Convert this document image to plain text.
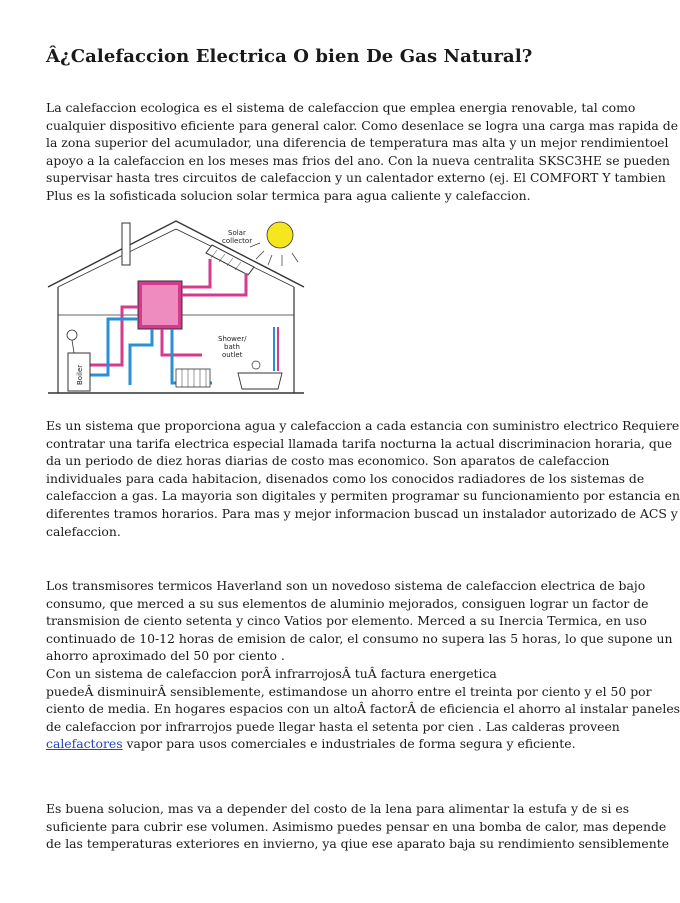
Â¿Calefaccion Electrica O bien De Gas Natural?

La calefaccion ecologica es el sistema de calefaccion que emplea energia renovable, tal como
cualquier dispositivo eficiente para general calor. Como desenlace se logra una carga mas rapida de
la zona superior del acumulador, una diferencia de temperatura mas alta y un mejor rendimientoel
apoyo a la calefaccion en los meses mas frios del ano. Con la nueva centralita SKSC3HE se pueden
supervisar hasta tres circuitos de calefaccion y un calentador externo (ej. El COMFORT Y tambien
Plus es la sofisticada solucion solar termica para agua caliente y calefaccion.

Solar
collector
Boiler
Shower/
bath
outlet

Es un sistema que proporciona agua y calefaccion a cada estancia con suministro electrico Requiere
contratar una tarifa electrica especial llamada tarifa nocturna la actual discriminacion horaria, que
da un periodo de diez horas diarias de costo mas economico. Son aparatos de calefaccion
individuales para cada habitacion, disenados como los conocidos radiadores de los sistemas de
calefaccion a gas. La mayoria son digitales y permiten programar su funcionamiento por estancia en
diferentes tramos horarios. Para mas y mejor informacion buscad un instalador autorizado de ACS y
calefaccion.

Los transmisores termicos Haverland son un novedoso sistema de calefaccion electrica de bajo
consumo, que merced a su sus elementos de aluminio mejorados, consiguen lograr un factor de
transmision de ciento setenta y cinco Vatios por elemento. Merced a su Inercia Termica, en uso
continuado de 10-12 horas de emision de calor, el consumo no supera las 5 horas, lo que supone un
ahorro aproximado del 50 por ciento .

Con un sistema de calefaccion porÂ infrarrojosÂ tuÂ factura energetica
puedeÂ disminuirÂ sensiblemente, estimandose un ahorro entre el treinta por ciento y el 50 por
ciento de media. En hogares espacios con un altoÂ factorÂ de eficiencia el ahorro al instalar paneles
de calefaccion por infrarrojos puede llegar hasta el setenta por cien . Las calderas proveen
calefactores vapor para usos comerciales e industriales de forma segura y eficiente.

Es buena solucion, mas va a depender del costo de la lena para alimentar la estufa y de si es
suficiente para cubrir ese volumen. Asimismo puedes pensar en una bomba de calor, mas depende
de las temperaturas exteriores en invierno, ya qiue ese aparato baja su rendimiento sensiblemente
